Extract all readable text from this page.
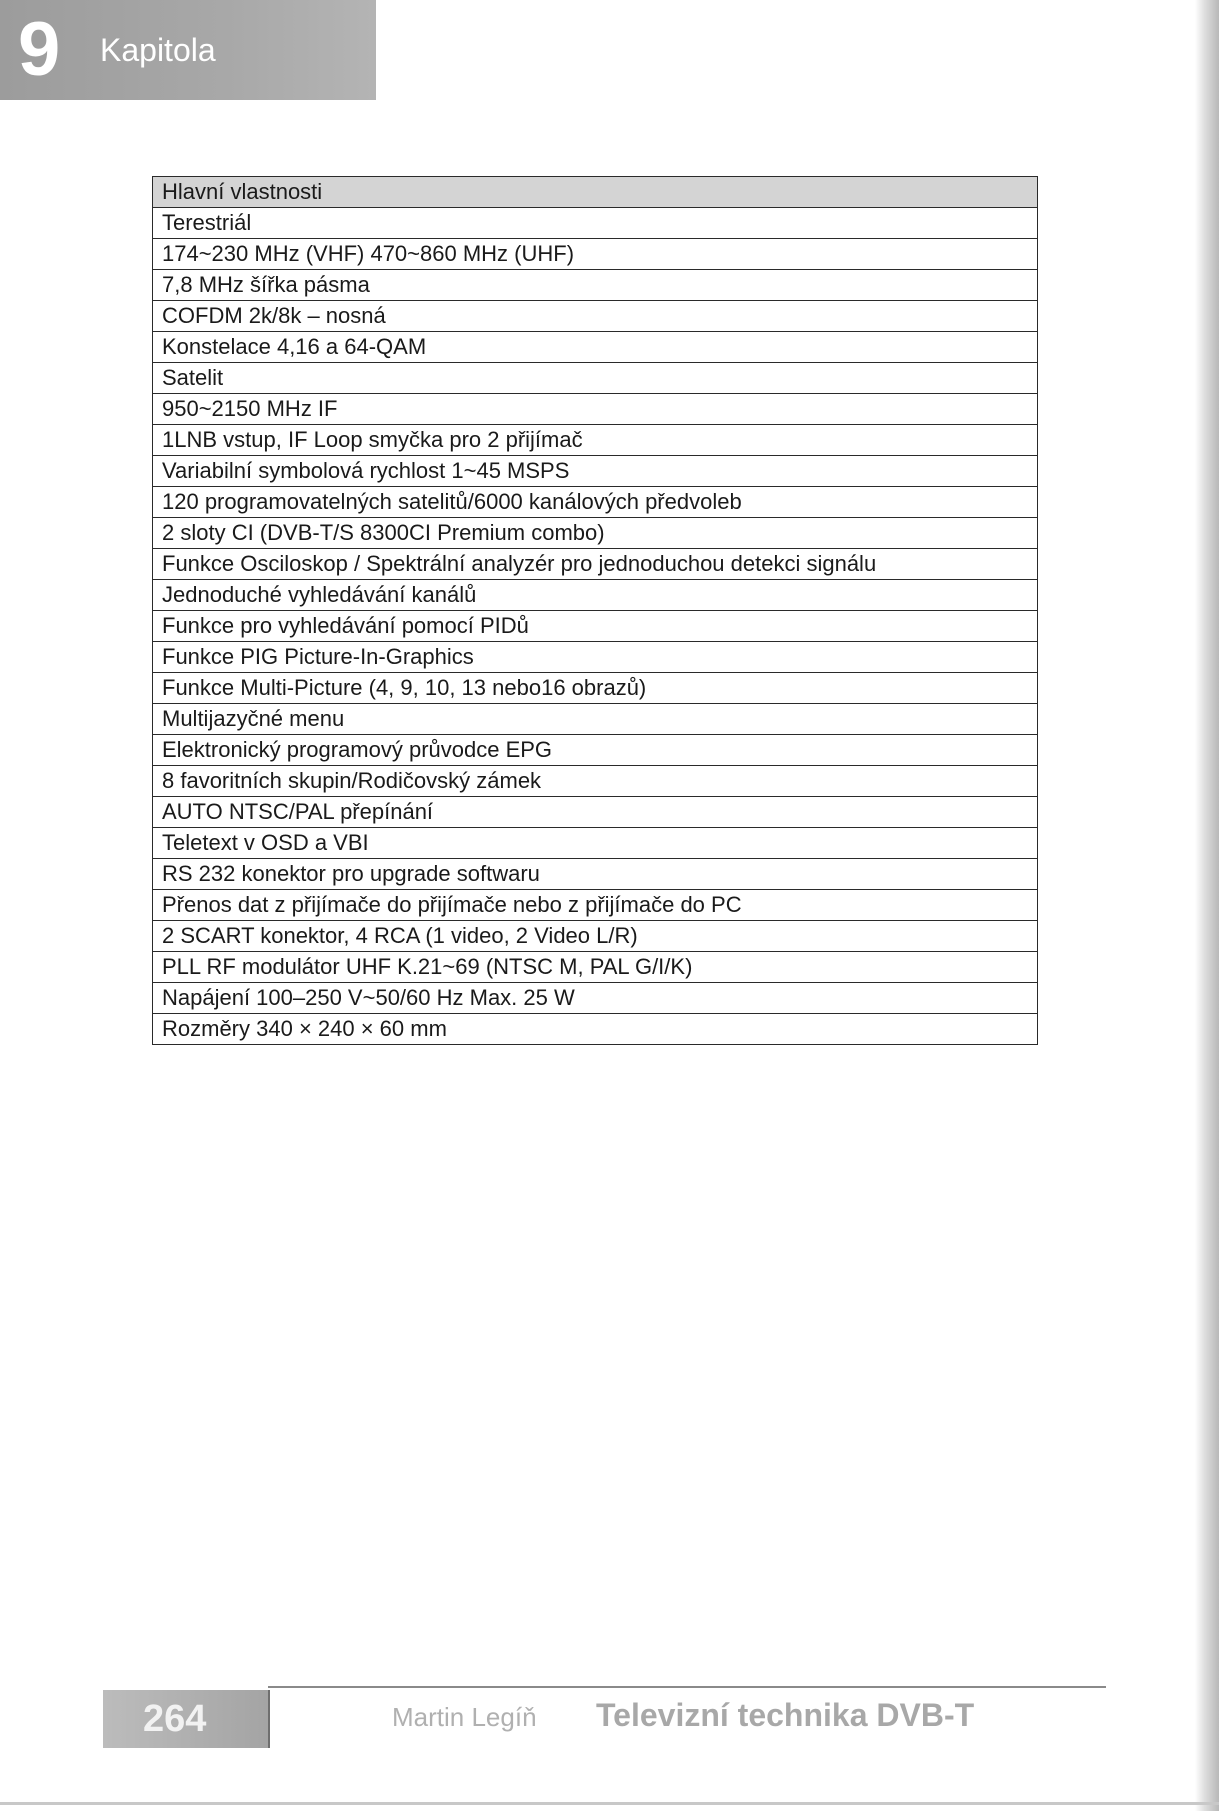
9 Kapitola
Hlavní vlastnosti
Terestriál
174~230 MHz (VHF) 470~860 MHz (UHF)
7,8 MHz šířka pásma
COFDM 2k/8k – nosná
Konstelace 4,16 a 64-QAM
Satelit
950~2150 MHz IF
1LNB vstup, IF Loop smyčka pro 2 přijímač
Variabilní symbolová rychlost 1~45 MSPS
120 programovatelných satelitů/6000 kanálových předvoleb
2 sloty CI (DVB-T/S 8300CI Premium combo)
Funkce Osciloskop / Spektrální analyzér pro jednoduchou detekci signálu
Jednoduché vyhledávání kanálů
Funkce pro vyhledávání pomocí PIDů
Funkce PIG Picture-In-Graphics
Funkce Multi-Picture (4, 9, 10, 13 nebo16 obrazů)
Multijazyčné menu
Elektronický programový průvodce EPG
8 favoritních skupin/Rodičovský zámek
AUTO NTSC/PAL přepínání
Teletext v OSD a VBI
RS 232 konektor pro upgrade softwaru
Přenos dat z přijímače do přijímače nebo z přijímače do PC
2 SCART konektor, 4 RCA (1 video, 2 Video L/R)
PLL RF modulátor UHF K.21~69 (NTSC M, PAL G/I/K)
Napájení 100–250 V~50/60 Hz Max. 25 W
Rozměry 340 × 240 × 60 mm
264	Martin Legíň Televizní technika DVB-T
